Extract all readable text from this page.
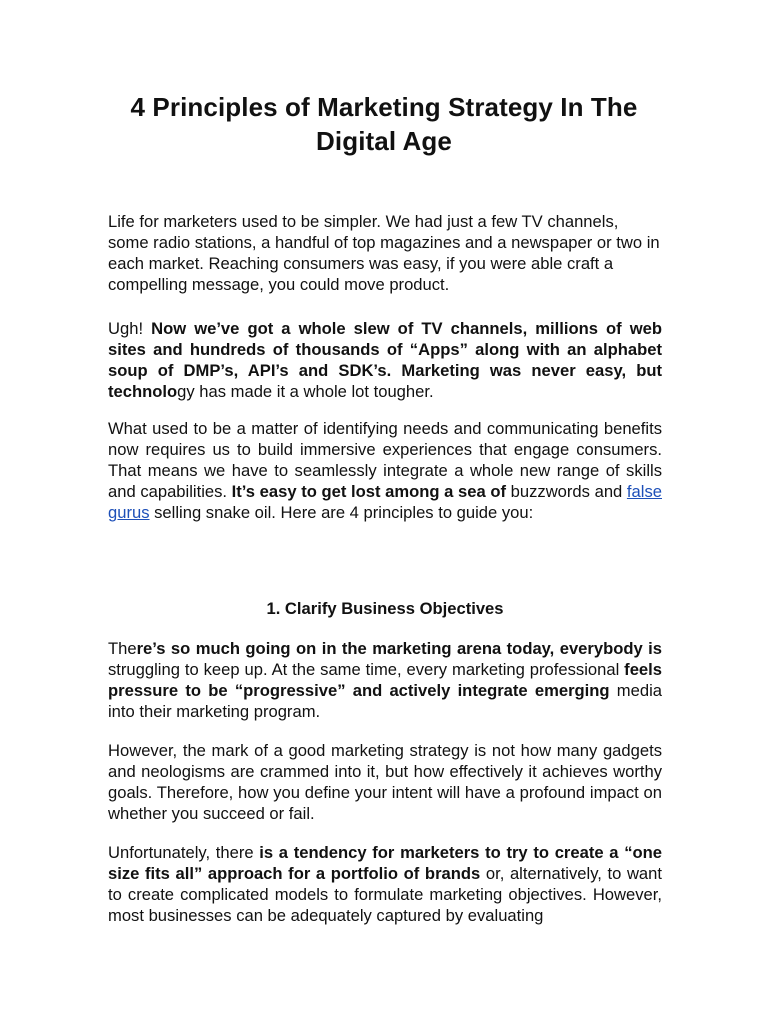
4 Principles of Marketing Strategy In The
Digital Age

Life for marketers used to be simpler. We had just a few TV channels, some radio stations, a handful of top magazines and a newspaper or two in each market. Reaching consumers was easy, if you were able craft a compelling message, you could move product.

Ugh! Now we’ve got a whole slew of TV channels, millions of web sites and hundreds of thousands of “Apps” along with an alphabet soup of DMP’s, API’s and SDK’s. Marketing was never easy, but technology has made it a whole lot tougher.

What used to be a matter of identifying needs and communicating benefits now requires us to build immersive experiences that engage consumers. That means we have to seamlessly integrate a whole new range of skills and capabilities. It’s easy to get lost among a sea of buzzwords and false gurus selling snake oil. Here are 4 principles to guide you:

1. Clarify Business Objectives

There’s so much going on in the marketing arena today, everybody is struggling to keep up. At the same time, every marketing professional feels pressure to be “progressive” and actively integrate emerging media into their marketing program.

However, the mark of a good marketing strategy is not how many gadgets and neologisms are crammed into it, but how effectively it achieves worthy goals. Therefore, how you define your intent will have a profound impact on whether you succeed or fail.

Unfortunately, there is a tendency for marketers to try to create a “one size fits all” approach for a portfolio of brands or, alternatively, to want to create complicated models to formulate marketing objectives. However, most businesses can be adequately captured by evaluating
